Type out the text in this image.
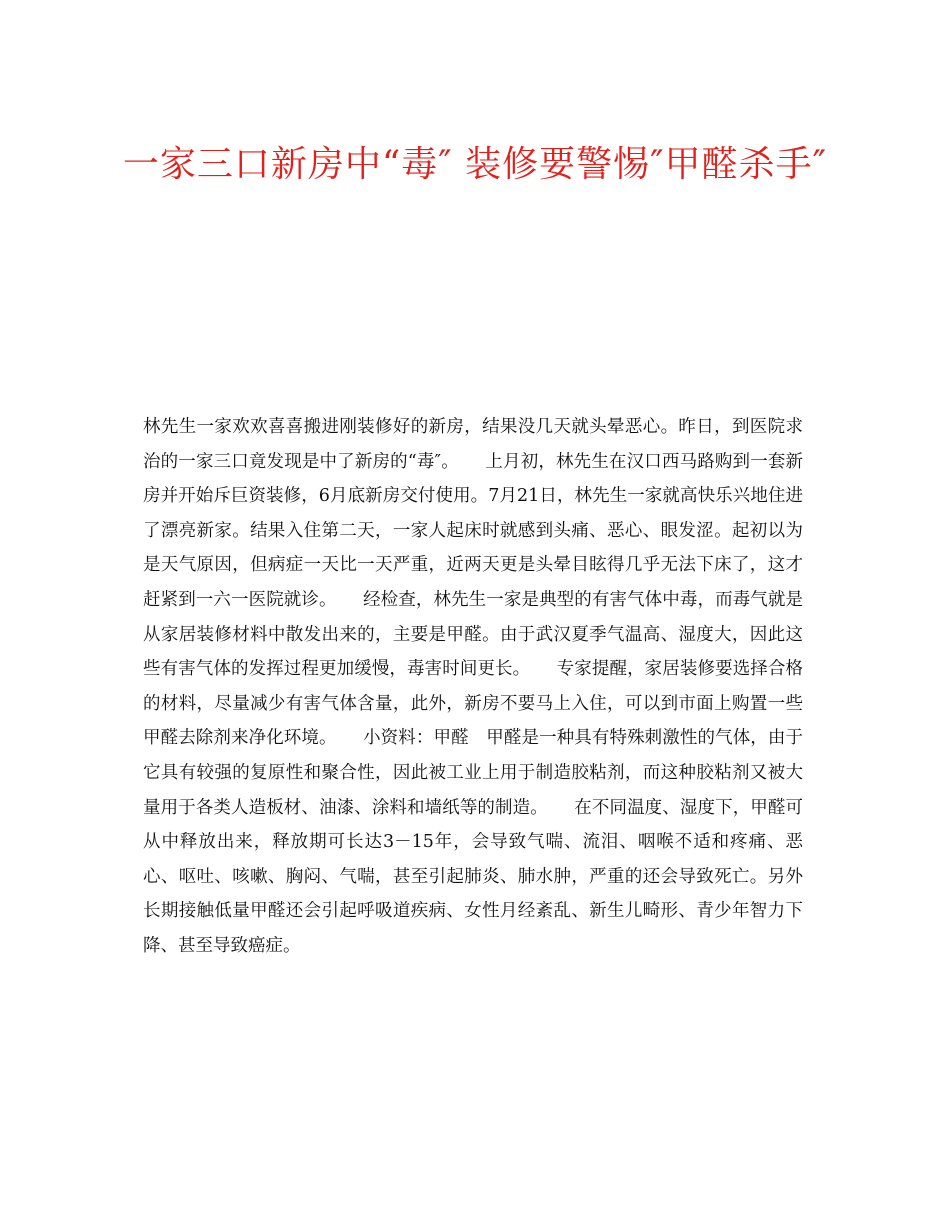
一家三口新房中“毒″ 装修要警惕″甲醛杀手″

林先生一家欢欢喜喜搬进刚装修好的新房，结果没几天就头晕恶心。昨日，到医院求治的一家三口竟发现是中了新房的“毒″。　　上月初，林先生在汉口西马路购到一套新房并开始斥巨资装修，6月底新房交付使用。7月21日，林先生一家就高快乐兴地住进了漂亮新家。结果入住第二天，一家人起床时就感到头痛、恶心、眼发涩。起初以为是天气原因，但病症一天比一天严重，近两天更是头晕目眩得几乎无法下床了，这才赶紧到一六一医院就诊。　　经检查，林先生一家是典型的有害气体中毒，而毒气就是从家居装修材料中散发出来的，主要是甲醛。由于武汉夏季气温高、湿度大，因此这些有害气体的发挥过程更加缓慢，毒害时间更长。　　专家提醒，家居装修要选择合格的材料，尽量减少有害气体含量，此外，新房不要马上入住，可以到市面上购置一些甲醛去除剂来净化环境。　　小资料：甲醛　甲醛是一种具有特殊刺激性的气体，由于它具有较强的复原性和聚合性，因此被工业上用于制造胶粘剂，而这种胶粘剂又被大量用于各类人造板材、油漆、涂料和墙纸等的制造。　　在不同温度、湿度下，甲醛可从中释放出来，释放期可长达3－15年，会导致气喘、流泪、咽喉不适和疼痛、恶心、呕吐、咳嗽、胸闷、气喘，甚至引起肺炎、肺水肿，严重的还会导致死亡。另外长期接触低量甲醛还会引起呼吸道疾病、女性月经紊乱、新生儿畸形、青少年智力下降、甚至导致癌症。
